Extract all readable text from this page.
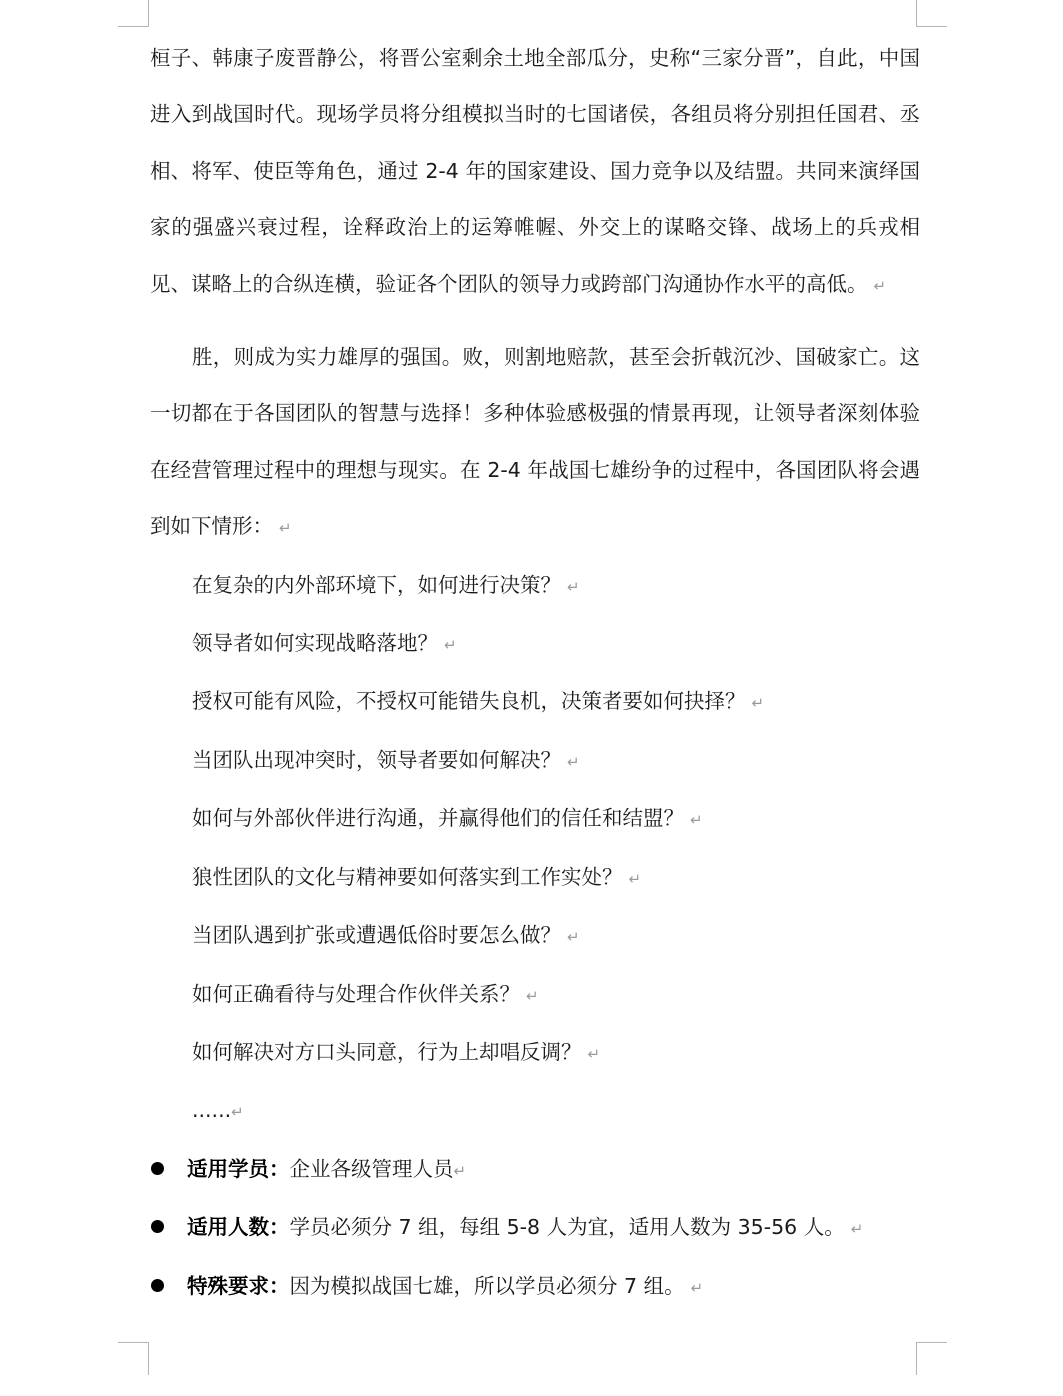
桓子、韩康子废晋静公，将晋公室剩余土地全部瓜分，史称“三家分晋”，自此，中国进入到战国时代。现场学员将分组模拟当时的七国诸侯，各组员将分别担任国君、丞相、将军、使臣等角色，通过 2-4 年的国家建设、国力竞争以及结盟。共同来演绎国家的强盛兴衰过程，诠释政治上的运筹帷幄、外交上的谋略交锋、战场上的兵戎相见、谋略上的合纵连横，验证各个团队的领导力或跨部门沟通协作水平的高低。 ↵

胜，则成为实力雄厚的强国。败，则割地赔款，甚至会折戟沉沙、国破家亡。这一切都在于各国团队的智慧与选择！多种体验感极强的情景再现，让领导者深刻体验在经营管理过程中的理想与现实。在 2-4 年战国七雄纷争的过程中，各国团队将会遇到如下情形： ↵

在复杂的内外部环境下，如何进行决策？ ↵

领导者如何实现战略落地？ ↵

授权可能有风险，不授权可能错失良机，决策者要如何抉择？ ↵

当团队出现冲突时，领导者要如何解决？ ↵

如何与外部伙伴进行沟通，并赢得他们的信任和结盟？ ↵

狼性团队的文化与精神要如何落实到工作实处？ ↵

当团队遇到扩张或遭遇低俗时要怎么做？ ↵

如何正确看待与处理合作伙伴关系？ ↵

如何解决对方口头同意，行为上却唱反调？ ↵

......↵

适用学员：企业各级管理人员↵

适用人数：学员必须分 7 组，每组 5-8 人为宜，适用人数为 35-56 人。 ↵

特殊要求：因为模拟战国七雄，所以学员必须分 7 组。 ↵
